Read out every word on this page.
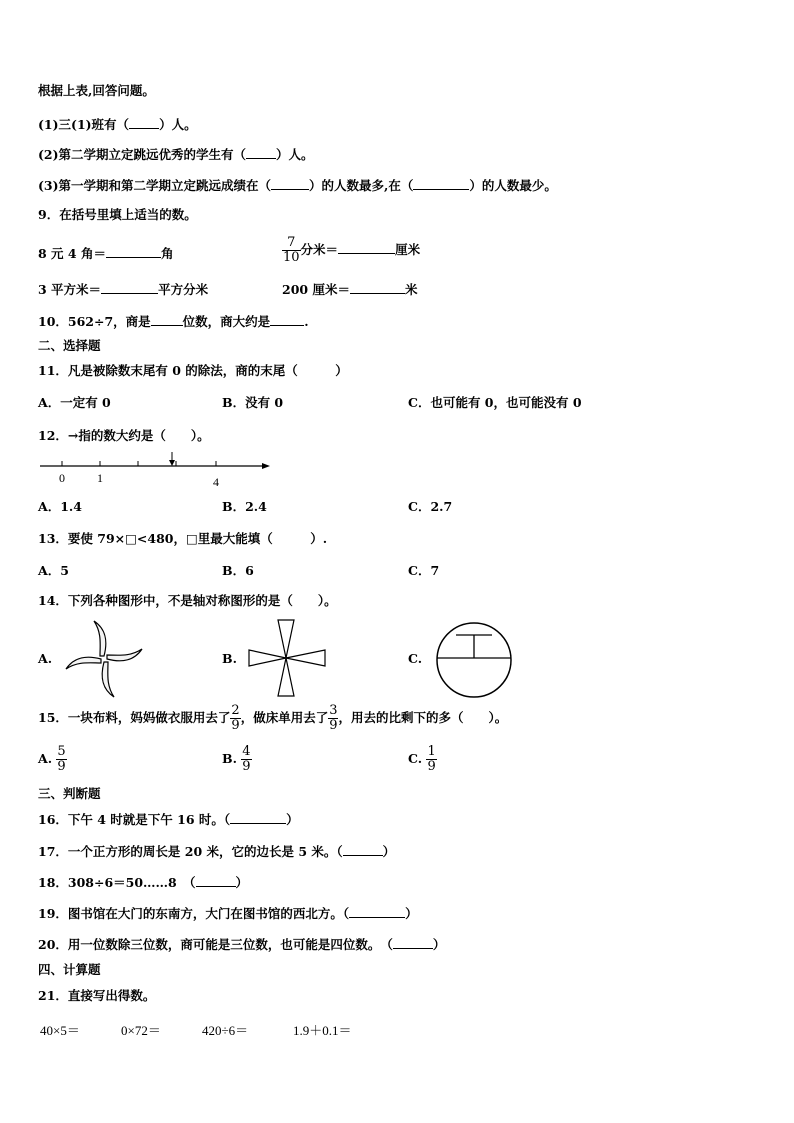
根据上表,回答问题。
(1)三(1)班有（ ）人。
(2)第二学期立定跳远优秀的学生有（ ）人。
(3)第一学期和第二学期立定跳远成绩在（	）的人数最多,在（	）的人数最少。
9．在括号里填上适当的数。
8 元 4 角＝	角	$\frac{7}{10}$ 分米＝	厘米
3 平方米＝	平方分米	200 厘米＝	米
10．562÷7，商是	位数，商大约是	.
二、选择题
11．凡是被除数末尾有 0 的除法，商的末尾（　　　）
A．一定有 0	B．没有 0	C．也可能有 0，也可能没有 0
12．→指的数大约是（　　）。
0	1	4
A．1.4	B．2.4	C．2.7
13．要使 79×□<480，□里最大能填（　　　）.
A．5	B．6	C．7
14．下列各种图形中，不是轴对称图形的是（　　）。
A.	B.	C.
15．一块布料，妈妈做衣服用去了 $\frac{2}{9}$ ，做床单用去了 $\frac{3}{9}$ ，用去的比剩下的多（　　）。
A. $\frac{5}{9}$	B. $\frac{4}{9}$	C. $\frac{1}{9}$
三、判断题
16．下午 4 时就是下午 16 时。（	）
17．一个正方形的周长是 20 米，它的边长是 5 米。（	）
18．308÷6＝50……8　（	）
19．图书馆在大门的东南方，大门在图书馆的西北方。（	）
20．用一位数除三位数，商可能是三位数，也可能是四位数。　（	）
四、计算题
21．直接写出得数。
40×5＝	0×72＝	420÷6＝	1.9＋0.1＝
